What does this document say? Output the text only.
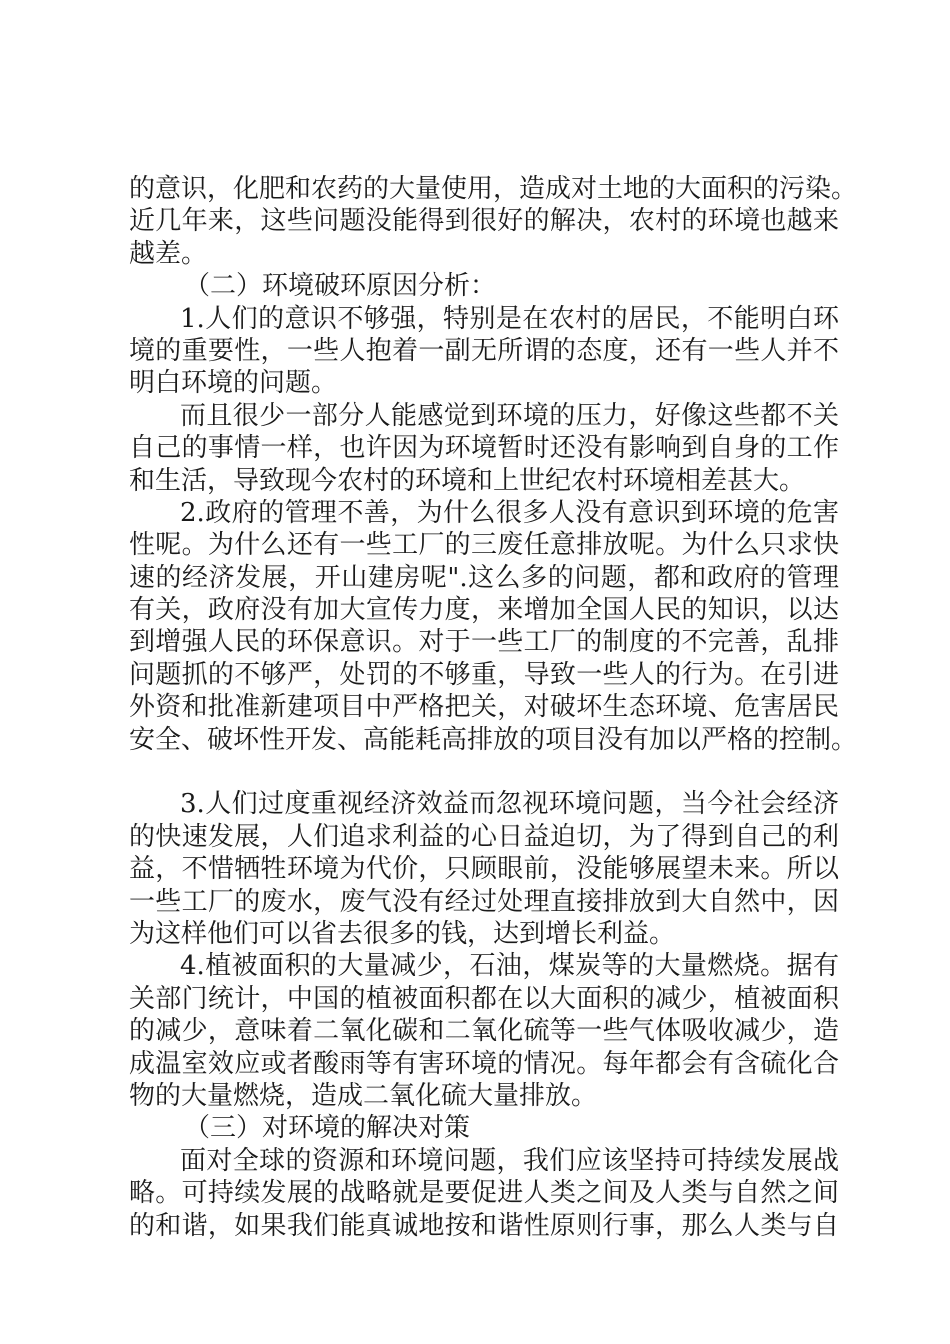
的意识，化肥和农药的大量使用，造成对土地的大面积的污染。
近几年来，这些问题没能得到很好的解决，农村的环境也越来
越差。
（二）环境破环原因分析：
1.人们的意识不够强，特别是在农村的居民，不能明白环
境的重要性，一些人抱着一副无所谓的态度，还有一些人并不
明白环境的问题。
而且很少一部分人能感觉到环境的压力，好像这些都不关
自己的事情一样，也许因为环境暂时还没有影响到自身的工作
和生活，导致现今农村的环境和上世纪农村环境相差甚大。
2.政府的管理不善，为什么很多人没有意识到环境的危害
性呢。为什么还有一些工厂的三废任意排放呢。为什么只求快
速的经济发展，开山建房呢".这么多的问题，都和政府的管理
有关，政府没有加大宣传力度，来增加全国人民的知识，以达
到增强人民的环保意识。对于一些工厂的制度的不完善，乱排
问题抓的不够严，处罚的不够重，导致一些人的行为。在引进
外资和批准新建项目中严格把关，对破坏生态环境、危害居民
安全、破坏性开发、高能耗高排放的项目没有加以严格的控制。
3.人们过度重视经济效益而忽视环境问题，当今社会经济
的快速发展，人们追求利益的心日益迫切，为了得到自己的利
益，不惜牺牲环境为代价，只顾眼前，没能够展望未来。所以
一些工厂的废水，废气没有经过处理直接排放到大自然中，因
为这样他们可以省去很多的钱，达到增长利益。
4.植被面积的大量减少，石油，煤炭等的大量燃烧。据有
关部门统计，中国的植被面积都在以大面积的减少，植被面积
的减少，意味着二氧化碳和二氧化硫等一些气体吸收减少，造
成温室效应或者酸雨等有害环境的情况。每年都会有含硫化合
物的大量燃烧，造成二氧化硫大量排放。
（三）对环境的解决对策
面对全球的资源和环境问题，我们应该坚持可持续发展战
略。可持续发展的战略就是要促进人类之间及人类与自然之间
的和谐，如果我们能真诚地按和谐性原则行事，那么人类与自
